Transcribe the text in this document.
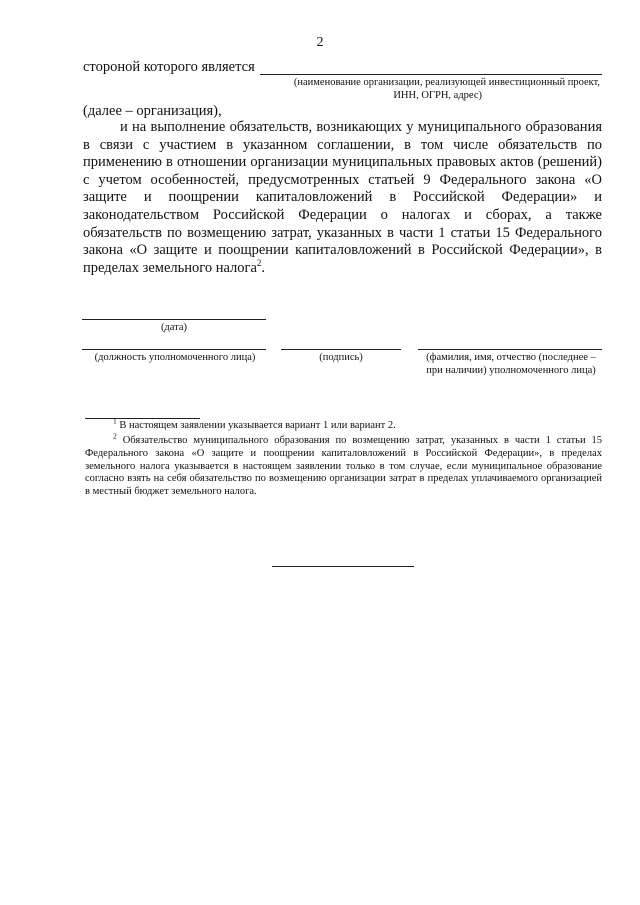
2
стороной которого является
(наименование организации, реализующей инвестиционный проект,
ИНН, ОГРН, адрес)
(далее – организация),
и на выполнение обязательств, возникающих у муниципального образования в связи с участием в указанном соглашении, в том числе обязательств по применению в отношении организации муниципальных правовых актов (решений) с учетом особенностей, предусмотренных статьей 9 Федерального закона «О защите и поощрении капиталовложений в Российской Федерации» и законодательством Российской Федерации о налогах и сборах, а также обязательств по возмещению затрат, указанных в части 1 статьи 15 Федерального закона «О защите и поощрении капиталовложений в Российской Федерации», в пределах земельного налога$^2$.
(дата)
(должность уполномоченного лица)	(подпись)	(фамилия, имя, отчество (последнее –
при наличии) уполномоченного лица)
$^1$ В настоящем заявлении указывается вариант 1 или вариант 2.
$^2$ Обязательство муниципального образования по возмещению затрат, указанных в части 1 статьи 15 Федерального закона «О защите и поощрении капиталовложений в Российской Федерации», в пределах земельного налога указывается в настоящем заявлении только в том случае, если муниципальное образование согласно взять на себя обязательство по возмещению организации затрат в пределах уплачиваемого организацией в местный бюджет земельного налога.
